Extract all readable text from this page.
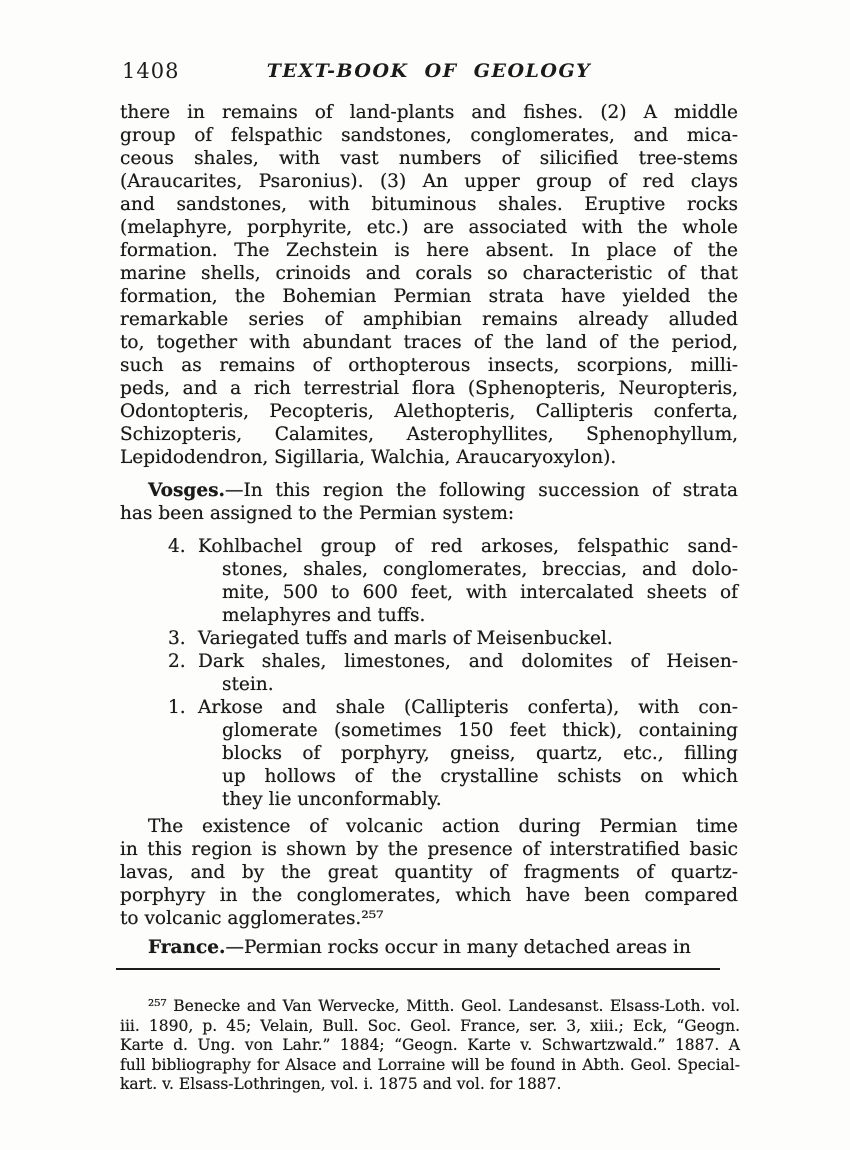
1408	TEXT-BOOK OF GEOLOGY
there in remains of land-plants and fishes. (2) A middle
group of felspathic sandstones, conglomerates, and mica-
ceous shales, with vast numbers of silicified tree-stems
(Araucarites, Psaronius). (3) An upper group of red clays
and sandstones, with bituminous shales. Eruptive rocks
(melaphyre, porphyrite, etc.) are associated with the whole
formation. The Zechstein is here absent. In place of the
marine shells, crinoids and corals so characteristic of that
formation, the Bohemian Permian strata have yielded the
remarkable series of amphibian remains already alluded
to, together with abundant traces of the land of the period,
such as remains of orthopterous insects, scorpions, milli-
peds, and a rich terrestrial flora (Sphenopteris, Neuropteris,
Odontopteris, Pecopteris, Alethopteris, Callipteris conferta,
Schizopteris, Calamites, Asterophyllites, Sphenophyllum,
Lepidodendron, Sigillaria, Walchia, Araucaryoxylon).
Vosges.—In this region the following succession of strata
has been assigned to the Permian system:
4. Kohlbachel group of red arkoses, felspathic sand-
stones, shales, conglomerates, breccias, and dolo-
mite, 500 to 600 feet, with intercalated sheets of
melaphyres and tuffs.
3. Variegated tuffs and marls of Meisenbuckel.
2. Dark shales, limestones, and dolomites of Heisen-
stein.
1. Arkose and shale (Callipteris conferta), with con-
glomerate (sometimes 150 feet thick), containing
blocks of porphyry, gneiss, quartz, etc., filling
up hollows of the crystalline schists on which
they lie unconformably.
The existence of volcanic action during Permian time
in this region is shown by the presence of interstratified basic
lavas, and by the great quantity of fragments of quartz-
porphyry in the conglomerates, which have been compared
to volcanic agglomerates.²⁵⁷
France.—Permian rocks occur in many detached areas in
²⁵⁷ Benecke and Van Wervecke, Mitth. Geol. Landesanst. Elsass-Loth. vol.
iii. 1890, p. 45; Velain, Bull. Soc. Geol. France, ser. 3, xiii.; Eck, “Geogn.
Karte d. Ung. von Lahr.” 1884; “Geogn. Karte v. Schwartzwald.” 1887. A
full bibliography for Alsace and Lorraine will be found in Abth. Geol. Special-
kart. v. Elsass-Lothringen, vol. i. 1875 and vol. for 1887.
